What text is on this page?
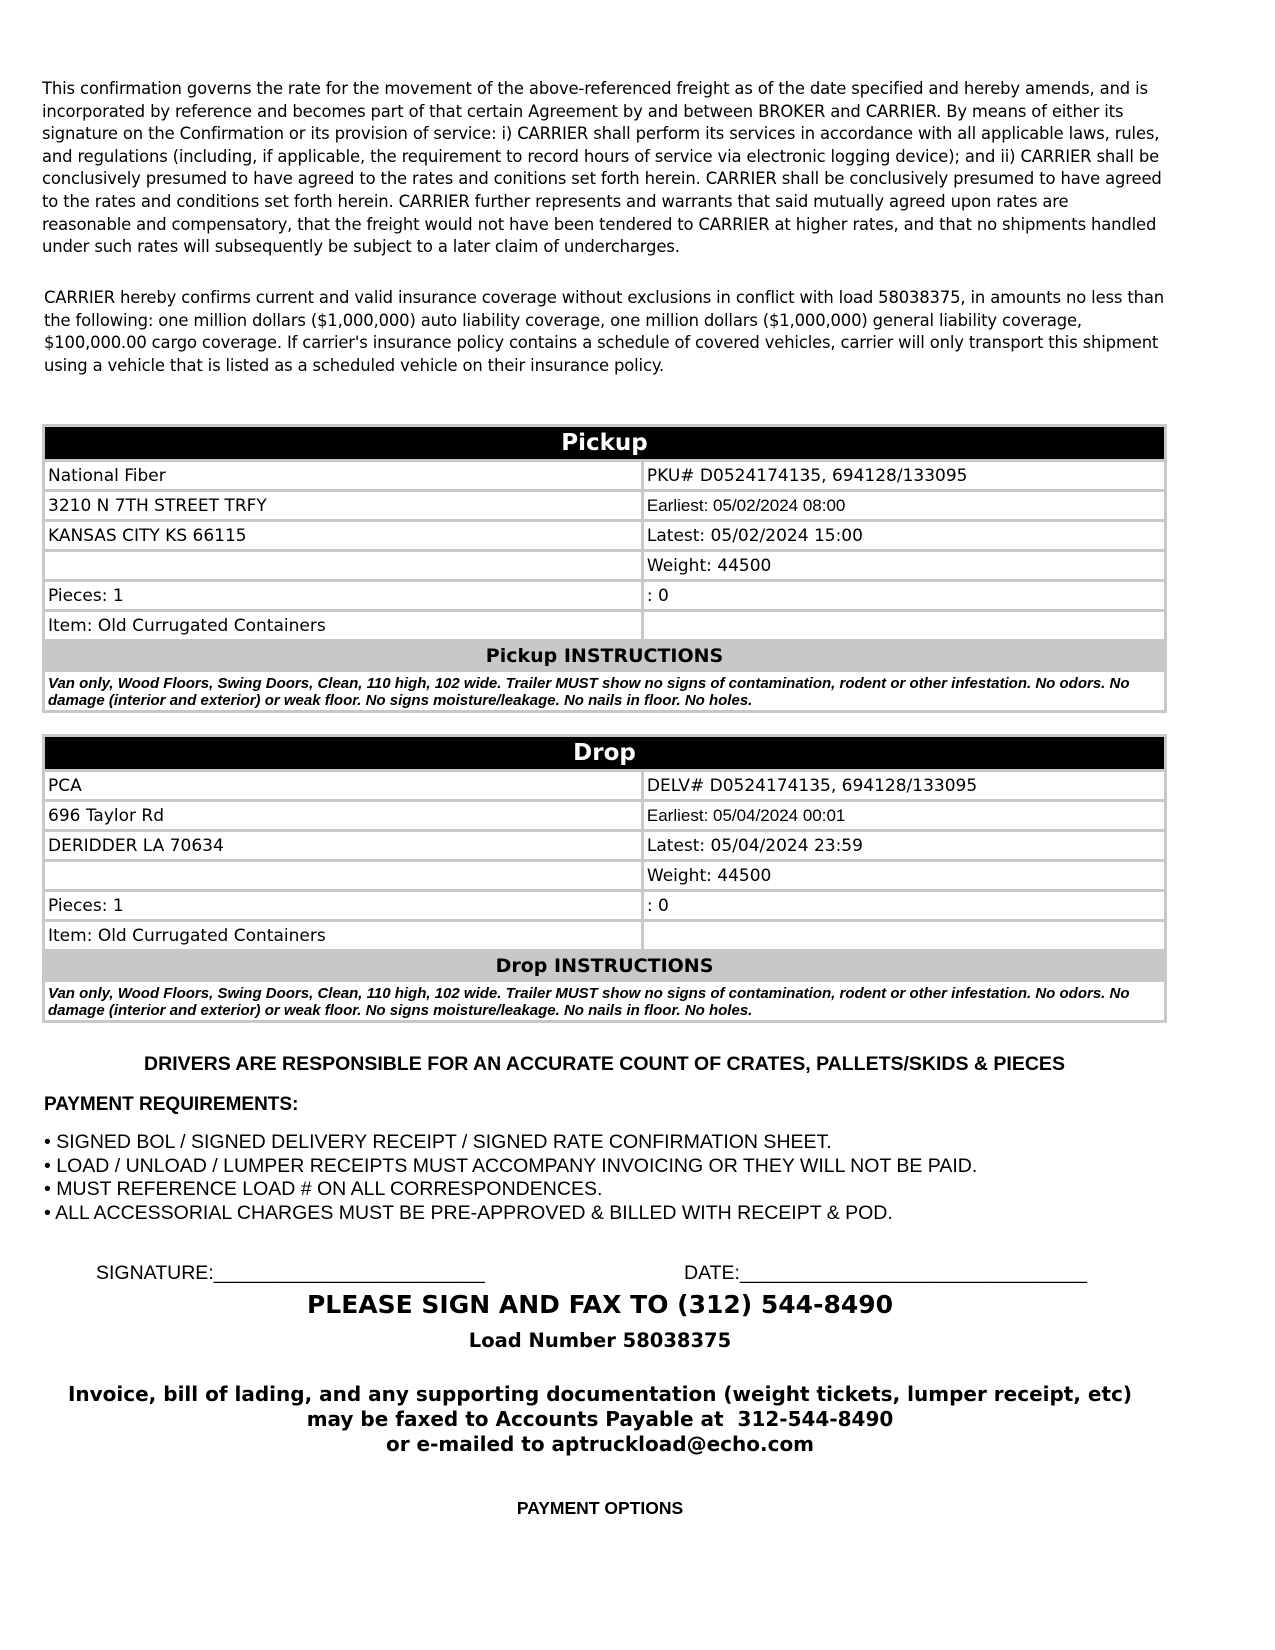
This confirmation governs the rate for the movement of the above-referenced freight as of the date specified and hereby amends, and is incorporated by reference and becomes part of that certain Agreement by and between BROKER and CARRIER. By means of either its signature on the Confirmation or its provision of service: i) CARRIER shall perform its services in accordance with all applicable laws, rules, and regulations (including, if applicable, the requirement to record hours of service via electronic logging device); and ii) CARRIER shall be conclusively presumed to have agreed to the rates and conitions set forth herein. CARRIER shall be conclusively presumed to have agreed to the rates and conditions set forth herein. CARRIER further represents and warrants that said mutually agreed upon rates are reasonable and compensatory, that the freight would not have been tendered to CARRIER at higher rates, and that no shipments handled under such rates will subsequently be subject to a later claim of undercharges.
CARRIER hereby confirms current and valid insurance coverage without exclusions in conflict with load 58038375, in amounts no less than the following: one million dollars ($1,000,000) auto liability coverage, one million dollars ($1,000,000) general liability coverage, $100,000.00 cargo coverage. If carrier's insurance policy contains a schedule of covered vehicles, carrier will only transport this shipment using a vehicle that is listed as a scheduled vehicle on their insurance policy.
Pickup	
National Fiber	PKU# D0524174135, 694128/133095
3210 N 7TH STREET TRFY	Earliest: 05/02/2024 08:00
KANSAS CITY KS 66115	Latest: 05/02/2024 15:00
	Weight: 44500
Pieces: 1	: 0
Item: Old Currugated Containers	
Pickup INSTRUCTIONS	
Van only, Wood Floors, Swing Doors, Clean, 110 high, 102 wide. Trailer MUST show no signs of contamination, rodent or other infestation. No odors. No damage (interior and exterior) or weak floor. No signs moisture/leakage. No nails in floor. No holes.	
Drop	
PCA	DELV# D0524174135, 694128/133095
696 Taylor Rd	Earliest: 05/04/2024 00:01
DERIDDER LA 70634	Latest: 05/04/2024 23:59
	Weight: 44500
Pieces: 1	: 0
Item: Old Currugated Containers	
Drop INSTRUCTIONS	
Van only, Wood Floors, Swing Doors, Clean, 110 high, 102 wide. Trailer MUST show no signs of contamination, rodent or other infestation. No odors. No damage (interior and exterior) or weak floor. No signs moisture/leakage. No nails in floor. No holes.	
DRIVERS ARE RESPONSIBLE FOR AN ACCURATE COUNT OF CRATES, PALLETS/SKIDS & PIECES
PAYMENT REQUIREMENTS:
• SIGNED BOL / SIGNED DELIVERY RECEIPT / SIGNED RATE CONFIRMATION SHEET.
• LOAD / UNLOAD / LUMPER RECEIPTS MUST ACCOMPANY INVOICING OR THEY WILL NOT BE PAID.
• MUST REFERENCE LOAD # ON ALL CORRESPONDENCES.
• ALL ACCESSORIAL CHARGES MUST BE PRE-APPROVED & BILLED WITH RECEIPT & POD.
SIGNATURE:_________________________	DATE:________________________________
PLEASE SIGN AND FAX TO (312) 544-8490
Load Number 58038375
Invoice, bill of lading, and any supporting documentation (weight tickets, lumper receipt, etc)
may be faxed to Accounts Payable at  312-544-8490
or e-mailed to aptruckload@echo.com
PAYMENT OPTIONS
